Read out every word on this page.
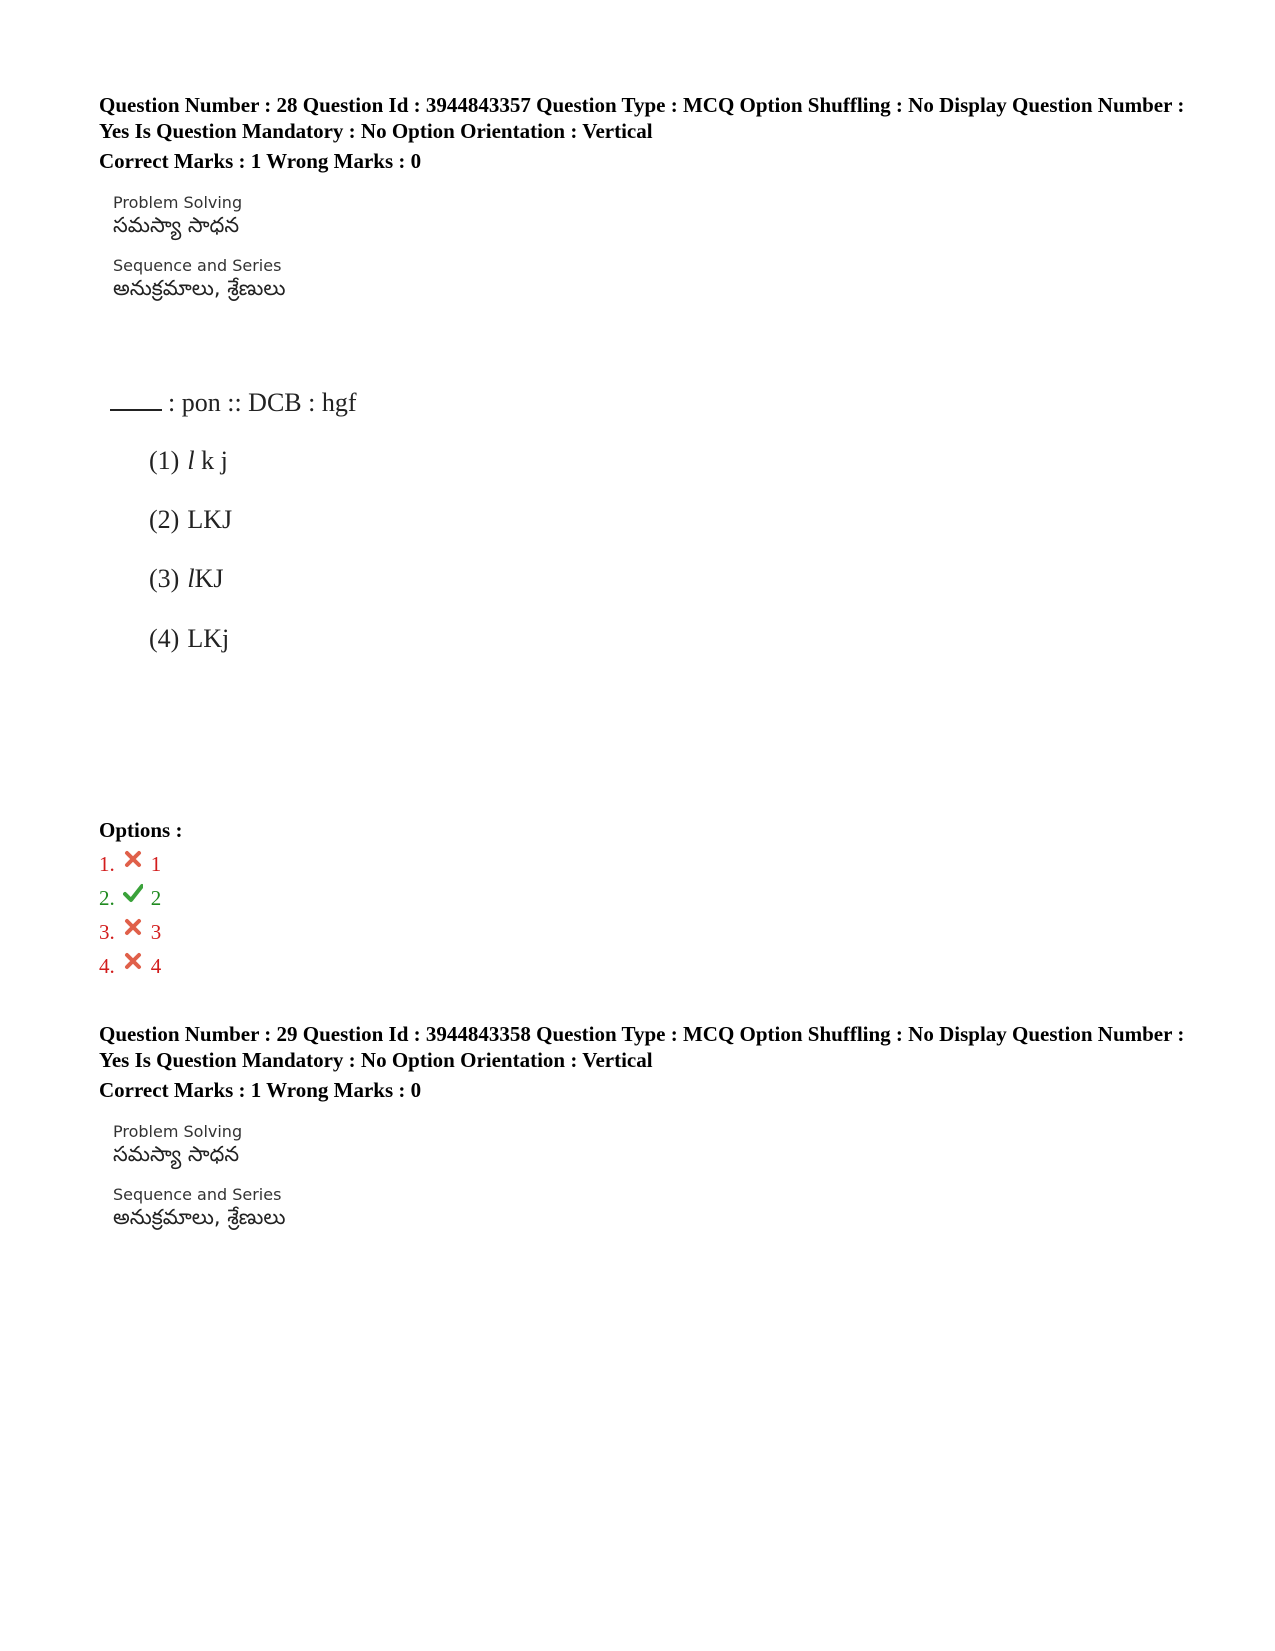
Question Number : 28 Question Id : 3944843357 Question Type : MCQ Option Shuffling : No Display Question Number : Yes Is Question Mandatory : No Option Orientation : Vertical
Correct Marks : 1 Wrong Marks : 0
Problem Solving
సమస్యా సాధన
Sequence and Series
అనుక్రమాలు, శ్రేణులు
: pon :: DCB : hgf
(1) l k j
(2) LKJ
(3) lKJ
(4) LKj
Options :
1. 1
2. 2
3. 3
4. 4
Question Number : 29 Question Id : 3944843358 Question Type : MCQ Option Shuffling : No Display Question Number : Yes Is Question Mandatory : No Option Orientation : Vertical
Correct Marks : 1 Wrong Marks : 0
Problem Solving
సమస్యా సాధన
Sequence and Series
అనుక్రమాలు, శ్రేణులు
